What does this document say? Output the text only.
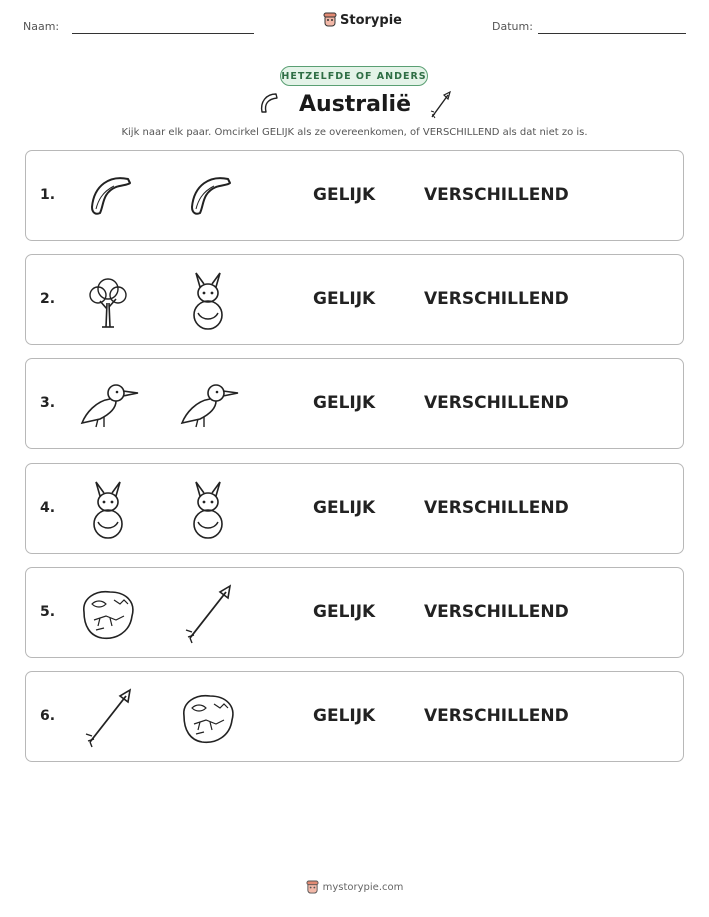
Naam:	Storypie	Datum:
HETZELFDE OF ANDERS
Australië
Kijk naar elk paar. Omcirkel GELIJK als ze overeenkomen, of VERSCHILLEND als dat niet zo is.
1.	GELIJK	VERSCHILLEND
2.	GELIJK	VERSCHILLEND
3.	GELIJK	VERSCHILLEND
4.	GELIJK	VERSCHILLEND
5.	GELIJK	VERSCHILLEND
6.	GELIJK	VERSCHILLEND
mystorypie.com
